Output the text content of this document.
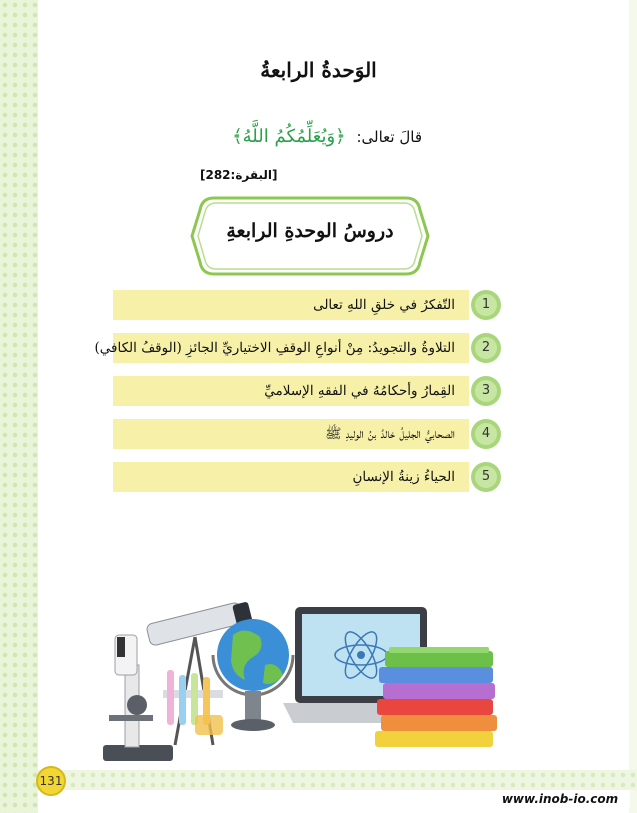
الوَحدةُ الرابعةُ
قالَ تعالى: ﴿وَيُعَلِّمُكُمُ اللَّهُ﴾
[البقرة:282]
دروسُ الوحدةِ الرابعةِ
التّفكرُ في خلقِ اللهِ تعالى	1
التلاوةُ والتجويدُ: مِنْ أنواعِ الوقفِ الاختياريِّ الجائزِ (الوقفُ الكافي)	2
القِمارُ وأحكامُهُ في الفقهِ الإسلاميِّ	3
الصحابيُّ الجليلُ خالدُ بنُ الوليدِ ﷺ	4
الحياءُ زينةُ الإنسانِ	5
131
www.inob-io.com
